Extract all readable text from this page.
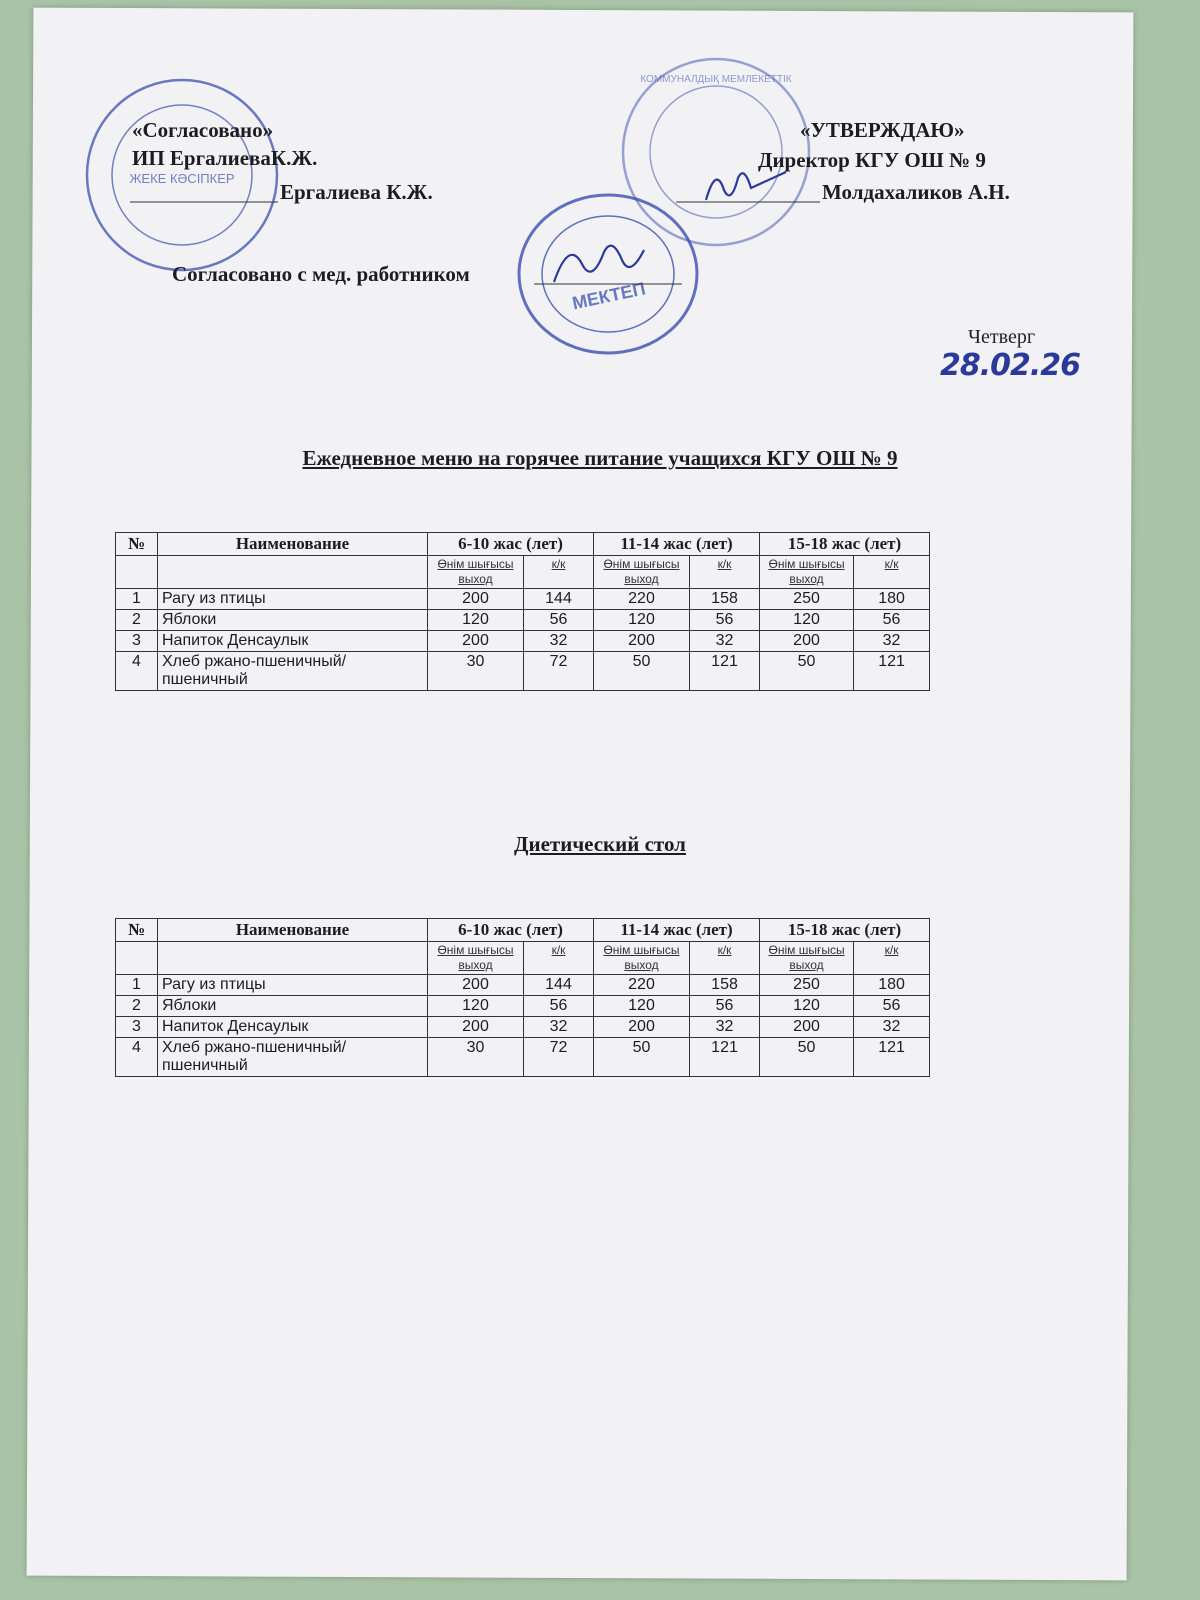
ЖЕКЕ КӘСІПКЕР
КОММУНАЛДЫҚ МЕМЛЕКЕТТІК
МЕКТЕП
«Согласовано»
ИП ЕргалиеваК.Ж.
Ергалиева К.Ж.
«УТВЕРЖДАЮ»
Директор КГУ ОШ № 9
Молдахаликов А.Н.
Согласовано с мед. работником
Четверг
28.02.26
Ежедневное меню на горячее питание учащихся КГУ ОШ № 9
№	Наименование	6-10 жас (лет)		11-14 жас (лет)		15-18 жас (лет)	
		Өнім шығысы выход	к/к	Өнім шығысы выход	к/к	Өнім шығысы выход	к/к
1	Рагу из птицы	200	144	220	158	250	180
2	Яблоки	120	56	120	56	120	56
3	Напиток Денсаулык	200	32	200	32	200	32
4	Хлеб ржано-пшеничный/пшеничный	30	72	50	121	50	121
Диетический стол
№	Наименование	6-10 жас (лет)		11-14 жас (лет)		15-18 жас (лет)	
		Өнім шығысы выход	к/к	Өнім шығысы выход	к/к	Өнім шығысы выход	к/к
1	Рагу из птицы	200	144	220	158	250	180
2	Яблоки	120	56	120	56	120	56
3	Напиток Денсаулык	200	32	200	32	200	32
4	Хлеб ржано-пшеничный/пшеничный	30	72	50	121	50	121
